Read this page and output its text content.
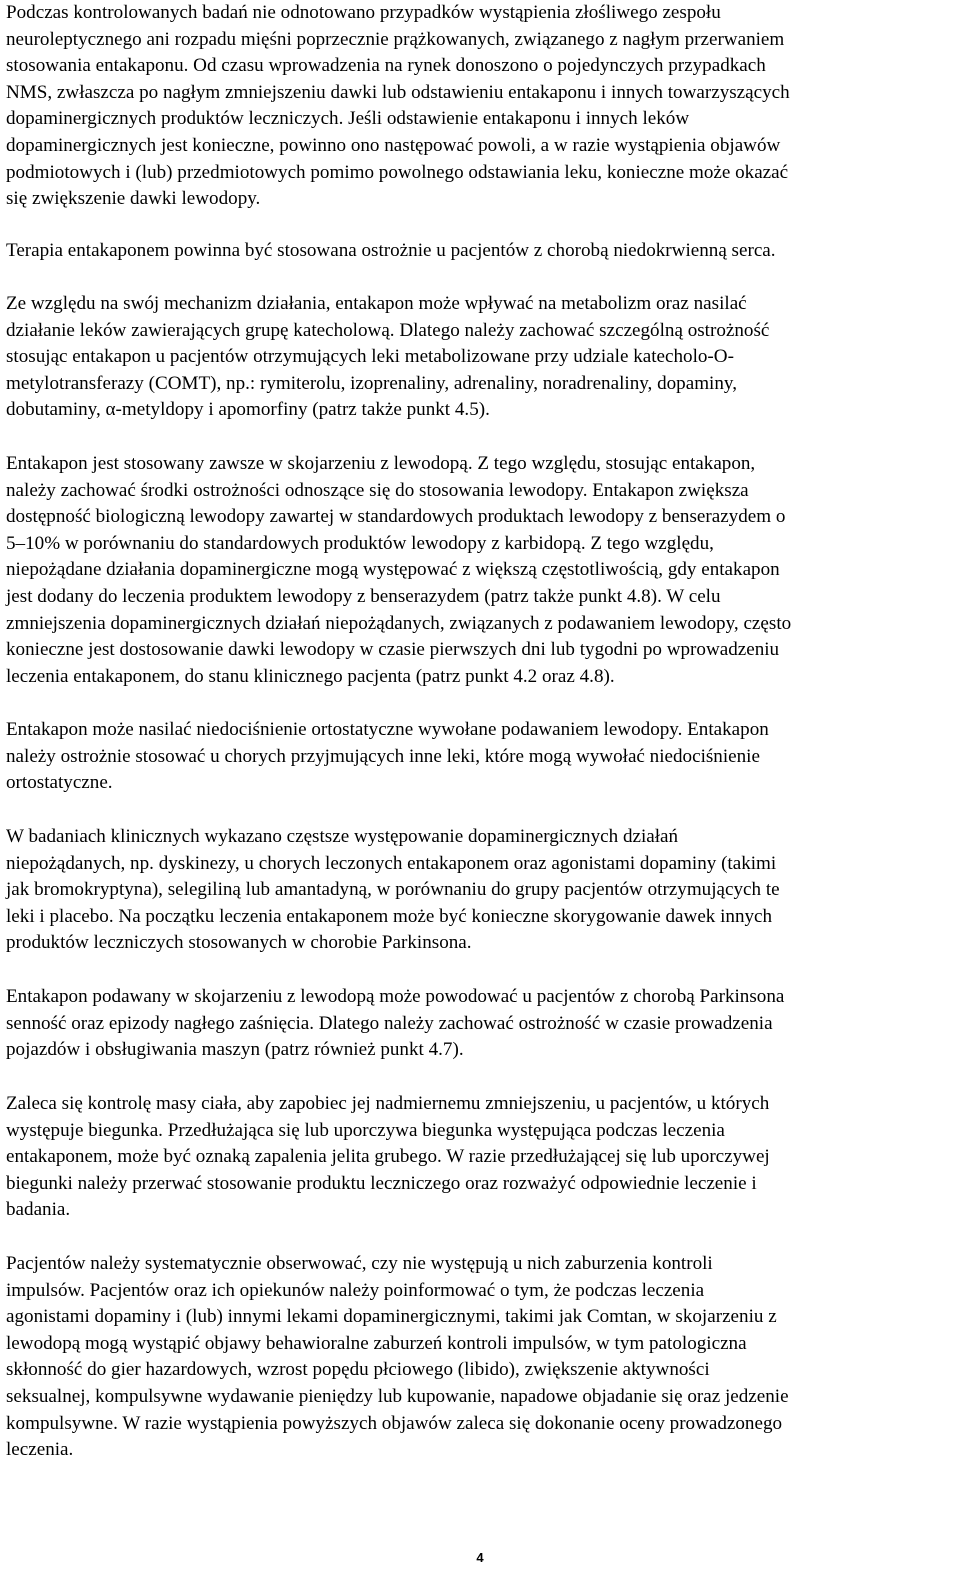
Podczas kontrolowanych badań nie odnotowano przypadków wystąpienia złośliwego zespołu
neuroleptycznego ani rozpadu mięśni poprzecznie prążkowanych, związanego z nagłym przerwaniem
stosowania entakaponu. Od czasu wprowadzenia na rynek donoszono o pojedynczych przypadkach
NMS, zwłaszcza po nagłym zmniejszeniu dawki lub odstawieniu entakaponu i innych towarzyszących
dopaminergicznych produktów leczniczych. Jeśli odstawienie entakaponu i innych leków
dopaminergicznych jest konieczne, powinno ono następować powoli, a w razie wystąpienia objawów
podmiotowych i (lub) przedmiotowych pomimo powolnego odstawiania leku, konieczne może okazać
się zwiększenie dawki lewodopy.

Terapia entakaponem powinna być stosowana ostrożnie u pacjentów z chorobą niedokrwienną serca.

Ze względu na swój mechanizm działania, entakapon może wpływać na metabolizm oraz nasilać
działanie leków zawierających grupę katecholową. Dlatego należy zachować szczególną ostrożność
stosując entakapon u pacjentów otrzymujących leki metabolizowane przy udziale katecholo-O-
metylotransferazy (COMT), np.: rymiterolu, izoprenaliny, adrenaliny, noradrenaliny, dopaminy,
dobutaminy, α-metyldopy i apomorfiny (patrz także punkt 4.5).

Entakapon jest stosowany zawsze w skojarzeniu z lewodopą. Z tego względu, stosując entakapon,
należy zachować środki ostrożności odnoszące się do stosowania lewodopy. Entakapon zwiększa
dostępność biologiczną lewodopy zawartej w standardowych produktach lewodopy z benserazydem o
5–10% w porównaniu do standardowych produktów lewodopy z karbidopą. Z tego względu,
niepożądane działania dopaminergiczne mogą występować z większą częstotliwością, gdy entakapon
jest dodany do leczenia produktem lewodopy z benserazydem (patrz także punkt 4.8). W celu
zmniejszenia dopaminergicznych działań niepożądanych, związanych z podawaniem lewodopy, często
konieczne jest dostosowanie dawki lewodopy w czasie pierwszych dni lub tygodni po wprowadzeniu
leczenia entakaponem, do stanu klinicznego pacjenta (patrz punkt 4.2 oraz 4.8).

Entakapon może nasilać niedociśnienie ortostatyczne wywołane podawaniem lewodopy. Entakapon
należy ostrożnie stosować u chorych przyjmujących inne leki, które mogą wywołać niedociśnienie
ortostatyczne.

W badaniach klinicznych wykazano częstsze występowanie dopaminergicznych działań
niepożądanych, np. dyskinezy, u chorych leczonych entakaponem oraz agonistami dopaminy (takimi
jak bromokryptyna), selegiliną lub amantadyną, w porównaniu do grupy pacjentów otrzymujących te
leki i placebo. Na początku leczenia entakaponem może być konieczne skorygowanie dawek innych
produktów leczniczych stosowanych w chorobie Parkinsona.

Entakapon podawany w skojarzeniu z lewodopą może powodować u pacjentów z chorobą Parkinsona
senność oraz epizody nagłego zaśnięcia. Dlatego należy zachować ostrożność w czasie prowadzenia
pojazdów i obsługiwania maszyn (patrz również punkt 4.7).

Zaleca się kontrolę masy ciała, aby zapobiec jej nadmiernemu zmniejszeniu, u pacjentów, u których
występuje biegunka. Przedłużająca się lub uporczywa biegunka występująca podczas leczenia
entakaponem, może być oznaką zapalenia jelita grubego. W razie przedłużającej się lub uporczywej
biegunki należy przerwać stosowanie produktu leczniczego oraz rozważyć odpowiednie leczenie i
badania.

Pacjentów należy systematycznie obserwować, czy nie występują u nich zaburzenia kontroli
impulsów. Pacjentów oraz ich opiekunów należy poinformować o tym, że podczas leczenia
agonistami dopaminy i (lub) innymi lekami dopaminergicznymi, takimi jak Comtan, w skojarzeniu z
lewodopą mogą wystąpić objawy behawioralne zaburzeń kontroli impulsów, w tym patologiczna
skłonność do gier hazardowych, wzrost popędu płciowego (libido), zwiększenie aktywności
seksualnej, kompulsywne wydawanie pieniędzy lub kupowanie, napadowe objadanie się oraz jedzenie
kompulsywne. W razie wystąpienia powyższych objawów zaleca się dokonanie oceny prowadzonego
leczenia.

4
